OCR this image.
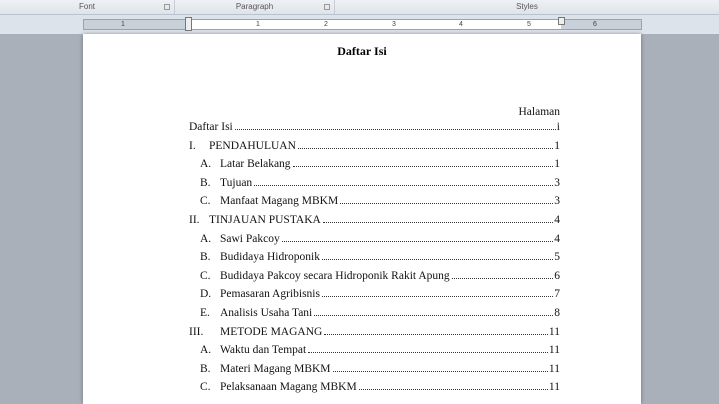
Font	Paragraph	Styles
1	1	2	3	4	5	6
Daftar Isi
Halaman
Daftar Isi	i
I.	PENDAHULUAN	1
A. Latar Belakang	1
B. Tujuan	3
C. Manfaat Magang MBKM	3
II. TINJAUAN PUSTAKA	4
A. Sawi Pakcoy	4
B. Budidaya Hidroponik	5
C. Budidaya Pakcoy secara Hidroponik Rakit Apung	6
D. Pemasaran Agribisnis	7
E. Analisis Usaha Tani	8
III.	METODE MAGANG	11
A. Waktu dan Tempat	11
B. Materi Magang MBKM	11
C. Pelaksanaan Magang MBKM	11
